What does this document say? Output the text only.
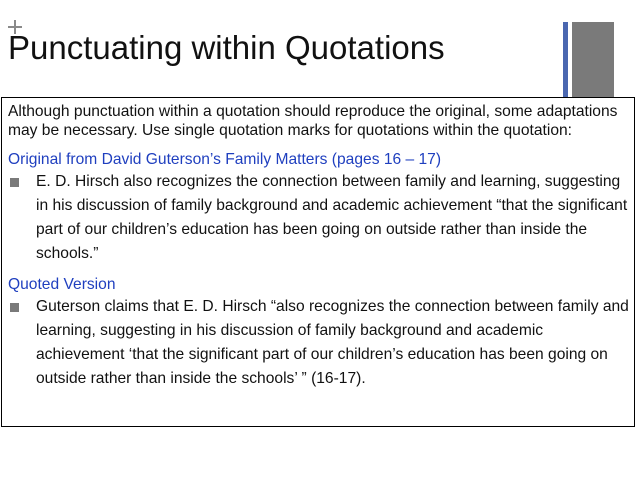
Punctuating within Quotations

Although punctuation within a quotation should reproduce the original, some adaptations may be necessary. Use single quotation marks for quotations within the quotation:

Original from David Guterson’s Family Matters (pages 16 – 17)

E. D. Hirsch also recognizes the connection between family and learning, suggesting in his discussion of family background and academic achievement “that the significant part of our children’s education has been going on outside rather than inside the schools.”

Quoted Version

Guterson claims that E. D. Hirsch “also recognizes the connection between family and learning, suggesting in his discussion of family background and academic achievement ‘that the significant part of our children’s education has been going on outside rather than inside the schools’ ” (16-17).
